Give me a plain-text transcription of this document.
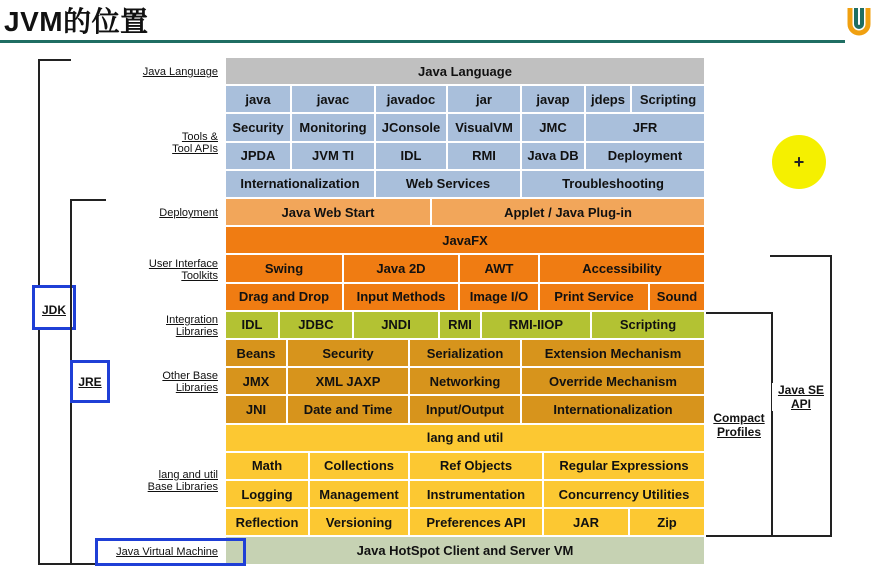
JVM的位置
Java Language
java	javac	javadoc	jar	javap	jdeps	Scripting
Security	Monitoring	JConsole	VisualVM	JMC	JFR
JPDA	JVM TI	IDL	RMI	Java DB	Deployment
Internationalization	Web Services	Troubleshooting
Java Web Start	Applet / Java Plug-in
JavaFX
Swing	Java 2D	AWT	Accessibility
Drag and Drop	Input Methods	Image I/O	Print Service	Sound
IDL	JDBC	JNDI	RMI	RMI-IIOP	Scripting
Beans	Security	Serialization	Extension Mechanism
JMX	XML JAXP	Networking	Override Mechanism
JNI	Date and Time	Input/Output	Internationalization
lang and util
Math	Collections	Ref Objects	Regular Expressions
Logging	Management	Instrumentation	Concurrency Utilities
Reflection	Versioning	Preferences API	JAR	Zip
Java HotSpot Client and Server VM
Java Language
Tools & Tool APIs
Deployment
User Interface Toolkits
Integration Libraries
Other Base Libraries
lang and util Base Libraries
Java Virtual Machine
JDK
JRE
Compact Profiles
Java SE API
+
